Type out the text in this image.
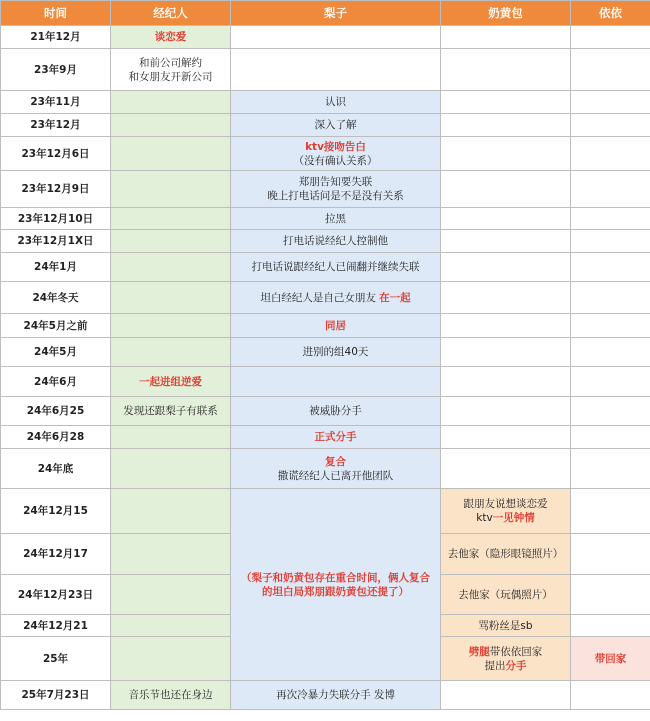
时间	经纪人	梨子	奶黄包	依依
21年12月	谈恋爱			

23年9月	和前公司解约
和女朋友开新公司			

23年11月		认识		

23年12月		深入了解		

23年12月6日		ktv接吻告白
（没有确认关系）		

23年12月9日		郑朋告知要失联
晚上打电话问是不是没有关系		

23年12月10日		拉黑		

23年12月1X日		打电话说经纪人控制他		

24年1月		打电话说跟经纪人已闹翻并继续失联		

24年冬天		坦白经纪人是自己女朋友 在一起		

24年5月之前		同居		

24年5月		进别的组40天		

24年6月	一起进组逆爱			

24年6月25	发现还跟梨子有联系	被威胁分手		

24年6月28		正式分手		

24年底		复合
撒谎经纪人已离开他团队		

24年12月15		（梨子和奶黄包存在重合时间，俩人复合
的坦白局郑朋跟奶黄包还提了）	跟朋友说想谈恋爱
ktv一见钟情	

24年12月17			去他家（隐形眼镜照片）	

24年12月23日			去他家（玩偶照片）	

24年12月21			骂粉丝是sb	

25年			劈腿带依依回家
提出分手	带回家

25年7月23日	音乐节也还在身边	再次冷暴力失联分手 发博		
